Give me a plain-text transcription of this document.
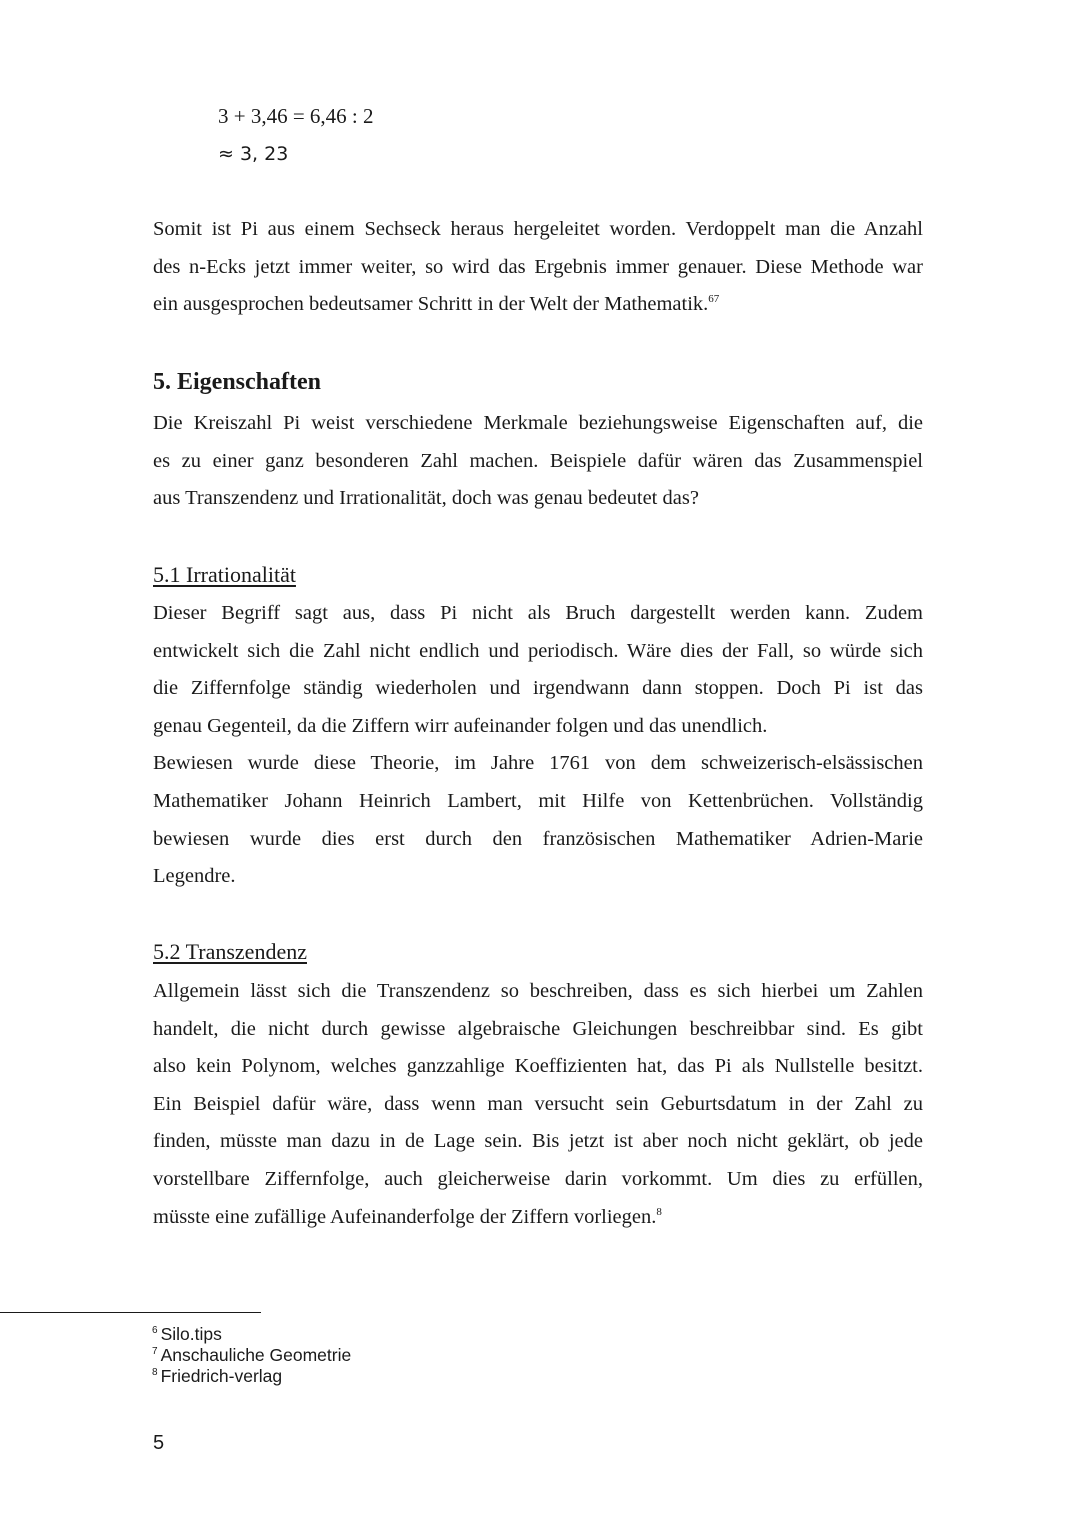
3 + 3,46 = 6,46 : 2
≈ 3, 23
Somit ist Pi aus einem Sechseck heraus hergeleitet worden. Verdoppelt man die Anzahl
des n-Ecks jetzt immer weiter, so wird das Ergebnis immer genauer. Diese Methode war
ein ausgesprochen bedeutsamer Schritt in der Welt der Mathematik.$^{67}$
5. Eigenschaften
Die Kreiszahl Pi weist verschiedene Merkmale beziehungsweise Eigenschaften auf, die
es zu einer ganz besonderen Zahl machen. Beispiele dafür wären das Zusammenspiel
aus Transzendenz und Irrationalität, doch was genau bedeutet das?
5.1 Irrationalität
Dieser Begriff sagt aus, dass Pi nicht als Bruch dargestellt werden kann. Zudem
entwickelt sich die Zahl nicht endlich und periodisch. Wäre dies der Fall, so würde sich
die Ziffernfolge ständig wiederholen und irgendwann dann stoppen. Doch Pi ist das
genau Gegenteil, da die Ziffern wirr aufeinander folgen und das unendlich.
Bewiesen wurde diese Theorie, im Jahre 1761 von dem schweizerisch-elsässischen
Mathematiker Johann Heinrich Lambert, mit Hilfe von Kettenbrüchen. Vollständig
bewiesen wurde dies erst durch den französischen Mathematiker Adrien-Marie
Legendre.
5.2 Transzendenz
Allgemein lässt sich die Transzendenz so beschreiben, dass es sich hierbei um Zahlen
handelt, die nicht durch gewisse algebraische Gleichungen beschreibbar sind. Es gibt
also kein Polynom, welches ganzzahlige Koeffizienten hat, das Pi als Nullstelle besitzt.
Ein Beispiel dafür wäre, dass wenn man versucht sein Geburtsdatum in der Zahl zu
finden, müsste man dazu in de Lage sein. Bis jetzt ist aber noch nicht geklärt, ob jede
vorstellbare Ziffernfolge, auch gleicherweise darin vorkommt. Um dies zu erfüllen,
müsste eine zufällige Aufeinanderfolge der Ziffern vorliegen.$^8$
$^6$ Silo.tips
$^7$ Anschauliche Geometrie
$^8$ Friedrich-verlag
5
